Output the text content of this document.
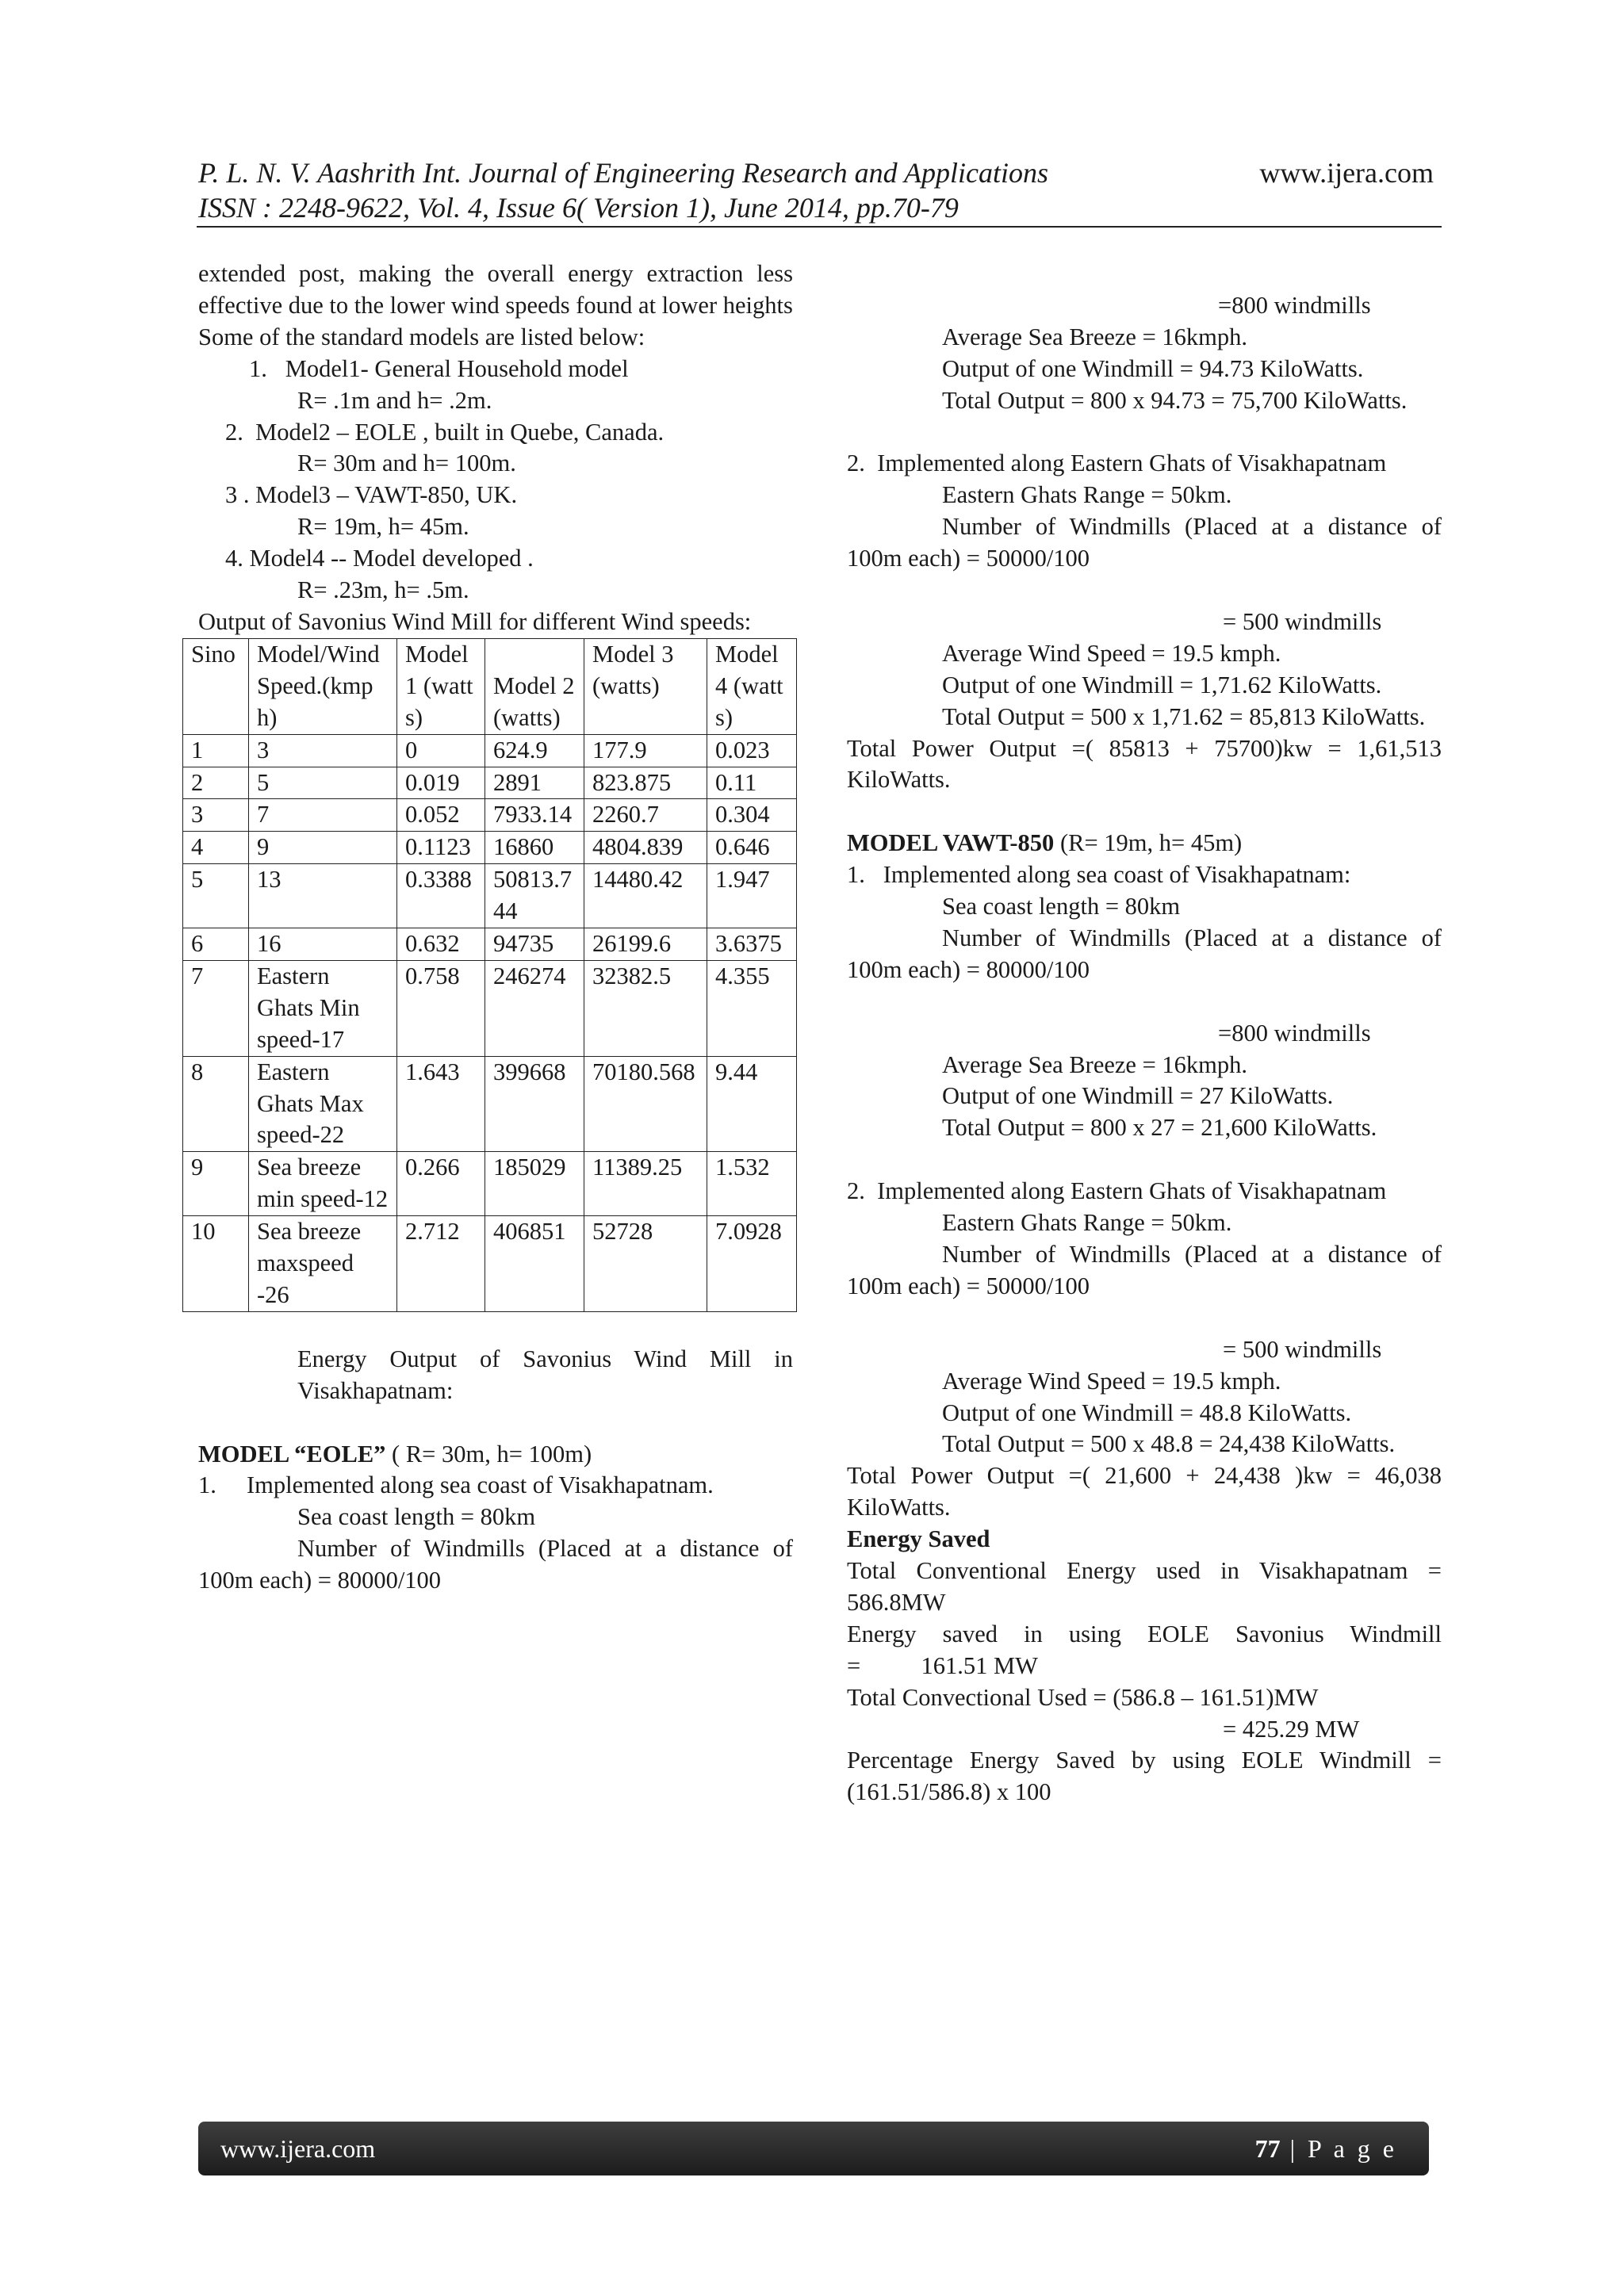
P. L. N. V. Aashrith Int. Journal of Engineering Research and Applications
ISSN : 2248-9622, Vol. 4, Issue 6( Version 1), June 2014, pp.70-79
www.ijera.com

extended post, making the overall energy extraction less effective due to the lower wind speeds found at lower heights

Some of the standard models are listed below:

1.   Model1- General Household model

R= .1m and h= .2m.

2.  Model2 – EOLE , built in Quebe, Canada.

R= 30m and h= 100m.

3 . Model3 – VAWT-850, UK.

R= 19m, h= 45m.

4. Model4 -- Model developed .

R= .23m, h= .5m.

Output of Savonius Wind Mill for different Wind speeds:

Sino	Model/Wind Speed.(kmph)	Model 1 (watts)	Model 2 (watts)	Model 3 (watts)	Model 4 (watts)
1	3	0	624.9	177.9	0.023
2	5	0.019	2891	823.875	0.11
3	7	0.052	7933.14	2260.7	0.304
4	9	0.1123	16860	4804.839	0.646
5	13	0.3388	50813.744	14480.42	1.947
6	16	0.632	94735	26199.6	3.6375
7	Eastern Ghats Min speed-17	0.758	246274	32382.5	4.355
8	Eastern Ghats Max speed-22	1.643	399668	70180.568	9.44
9	Sea breeze min speed-12	0.266	185029	11389.25	1.532
10	Sea breeze maxspeed -26	2.712	406851	52728	7.0928

Energy Output of Savonius Wind Mill in Visakhapatnam:

MODEL “EOLE” ( R= 30m, h= 100m)

1.     Implemented along sea coast of Visakhapatnam.

Sea coast length = 80km

Number of Windmills (Placed at a distance of 100m each) = 80000/100

=800 windmills

Average Sea Breeze = 16kmph.

Output of one Windmill = 94.73 KiloWatts.

Total Output = 800 x 94.73 = 75,700 KiloWatts.

2.  Implemented along Eastern Ghats of Visakhapatnam

Eastern Ghats Range = 50km.

Number of Windmills (Placed at a distance of 100m each) = 50000/100

= 500 windmills

Average Wind Speed = 19.5 kmph.

Output of one Windmill = 1,71.62 KiloWatts.

Total Output = 500 x 1,71.62 = 85,813 KiloWatts.

Total Power Output =( 85813 + 75700)kw = 1,61,513 KiloWatts.

MODEL VAWT-850 (R= 19m, h= 45m)

1.   Implemented along sea coast of Visakhapatnam:

Sea coast length = 80km

Number of Windmills (Placed at a distance of 100m each) = 80000/100

=800 windmills

Average Sea Breeze = 16kmph.

Output of one Windmill = 27 KiloWatts.

Total Output = 800 x 27 = 21,600 KiloWatts.

2.  Implemented along Eastern Ghats of Visakhapatnam

Eastern Ghats Range = 50km.

Number of Windmills (Placed at a distance of 100m each) = 50000/100

= 500 windmills

Average Wind Speed = 19.5 kmph.

Output of one Windmill = 48.8 KiloWatts.

Total Output = 500 x 48.8 = 24,438 KiloWatts.

Total Power Output =( 21,600 + 24,438 )kw = 46,038 KiloWatts.

Energy Saved

Total Conventional Energy used in Visakhapatnam = 586.8MW

Energy saved in using EOLE Savonius Windmill

=          161.51 MW

Total Convectional Used = (586.8 – 161.51)MW

= 425.29 MW

Percentage Energy Saved by using EOLE Windmill = (161.51/586.8) x 100

www.ijera.com	77 | P a g e
